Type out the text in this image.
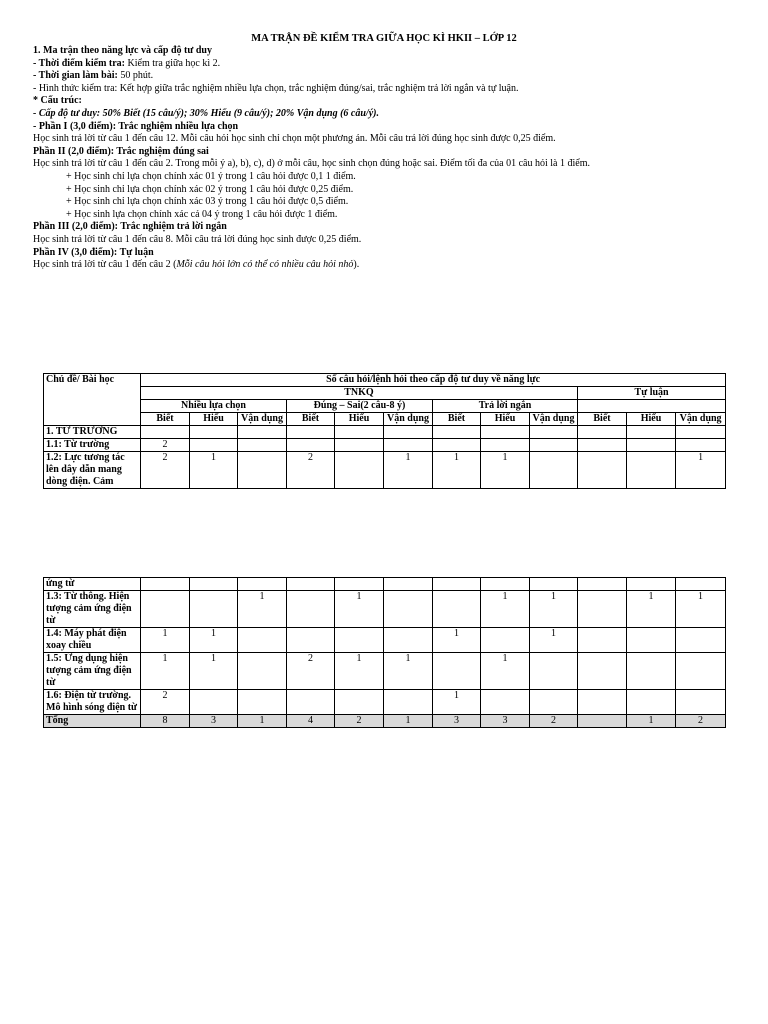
MA TRẬN ĐỀ KIỂM TRA GIỮA HỌC KÌ HKII – LỚP 12
1. Ma trận theo năng lực và cấp độ tư duy
- Thời điểm kiểm tra: Kiểm tra giữa học kì 2.
- Thời gian làm bài: 50 phút.
- Hình thức kiểm tra: Kết hợp giữa trắc nghiệm nhiều lựa chọn, trắc nghiệm đúng/sai, trắc nghiệm trả lời ngắn và tự luận.
* Cấu trúc:
- Cấp độ tư duy: 50% Biết (15 câu/ý); 30% Hiểu (9 câu/ý); 20% Vận dụng (6 câu/ý).
- Phần I (3,0 điểm): Trắc nghiệm nhiều lựa chọn
Học sinh trả lời từ câu 1 đến câu 12. Mỗi câu hỏi học sinh chỉ chọn một phương án. Mỗi câu trả lời đúng học sinh được 0,25 điểm.
Phần II (2,0 điểm): Trắc nghiệm đúng sai
Học sinh trả lời từ câu 1 đến câu 2. Trong mỗi ý a), b), c), d) ở mỗi câu, học sinh chọn đúng hoặc sai. Điểm tối đa của 01 câu hỏi là 1 điểm.
+ Học sinh chỉ lựa chọn chính xác 01 ý trong 1 câu hỏi được 0,1 1 điểm.
+ Học sinh chỉ lựa chọn chính xác 02 ý trong 1 câu hỏi được 0,25 điểm.
+ Học sinh chỉ lựa chọn chính xác 03 ý trong 1 câu hỏi được 0,5 điểm.
+ Học sinh lựa chọn chính xác cả 04 ý trong 1 câu hỏi được 1 điểm.
Phần III (2,0 điểm): Trắc nghiệm trả lời ngắn
Học sinh trả lời từ câu 1 đến câu 8. Mỗi câu trả lời đúng học sinh được 0,25 điểm.
Phần IV (3,0 điểm): Tự luận
Học sinh trả lời từ câu 1 đến câu 2 (Mỗi câu hỏi lớn có thể có nhiều câu hỏi nhỏ).
Chủ đề/ Bài học	Số câu hỏi/lệnh hỏi theo cấp độ tư duy về năng lực											
	TNKQ									Tự luận		
	Nhiều lựa chọn			Đúng – Sai(2 câu-8 ý)			Trả lời ngắn					
	Biết	Hiểu	Vận dụng	Biết	Hiểu	Vận dụng	Biết	Hiểu	Vận dụng	Biết	Hiểu	Vận dụng
1. TỪ TRƯỜNG												
1.1: Từ trường	2											
1.2: Lực tương tác lên dây dẫn mang dòng điện. Cảm	2	1		2		1	1	1				1
ứng từ												
1.3: Từ thông. Hiện tượng cảm ứng điện từ			1		1			1	1		1	1
1.4: Máy phát điện xoay chiều	1	1					1		1			
1.5: Ứng dụng hiện tượng cảm ứng điện từ	1	1		2	1	1		1				
1.6: Điện từ trường. Mô hình sóng điện từ	2						1					
Tổng	8	3	1	4	2	1	3	3	2		1	2
